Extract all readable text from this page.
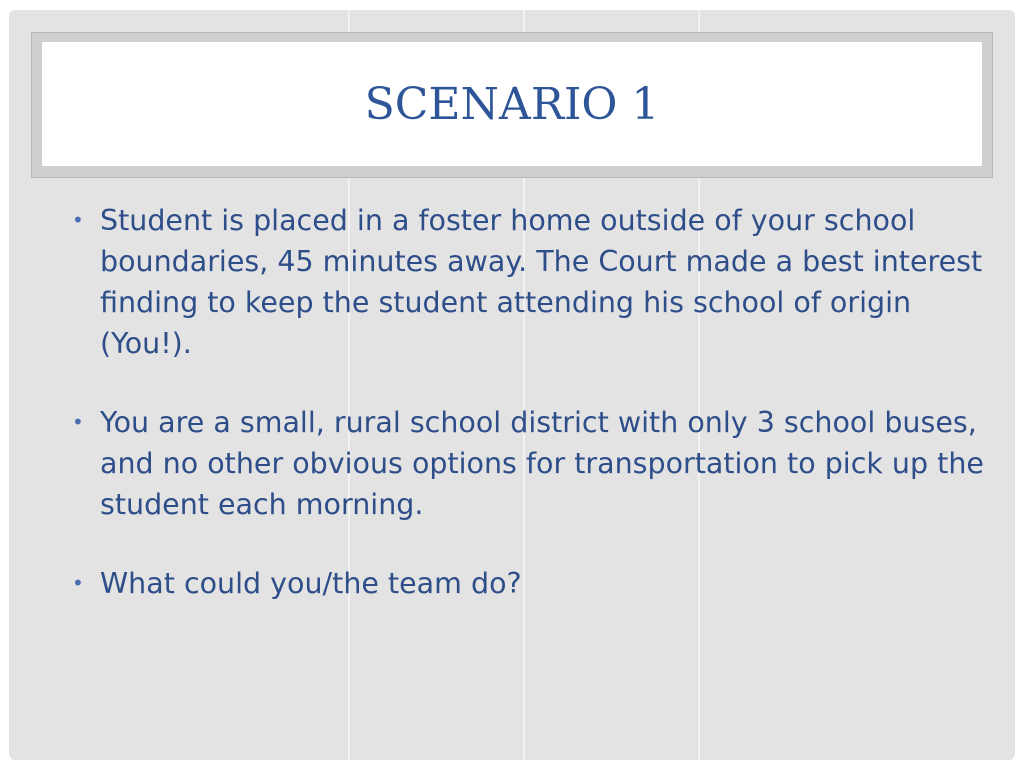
SCENARIO 1
• Student is placed in a foster home outside of your school boundaries, 45 minutes away. The Court made a best interest finding to keep the student attending his school of origin (You!).
• You are a small, rural school district with only 3 school buses, and no other obvious options for transportation to pick up the student each morning.
• What could you/the team do?
